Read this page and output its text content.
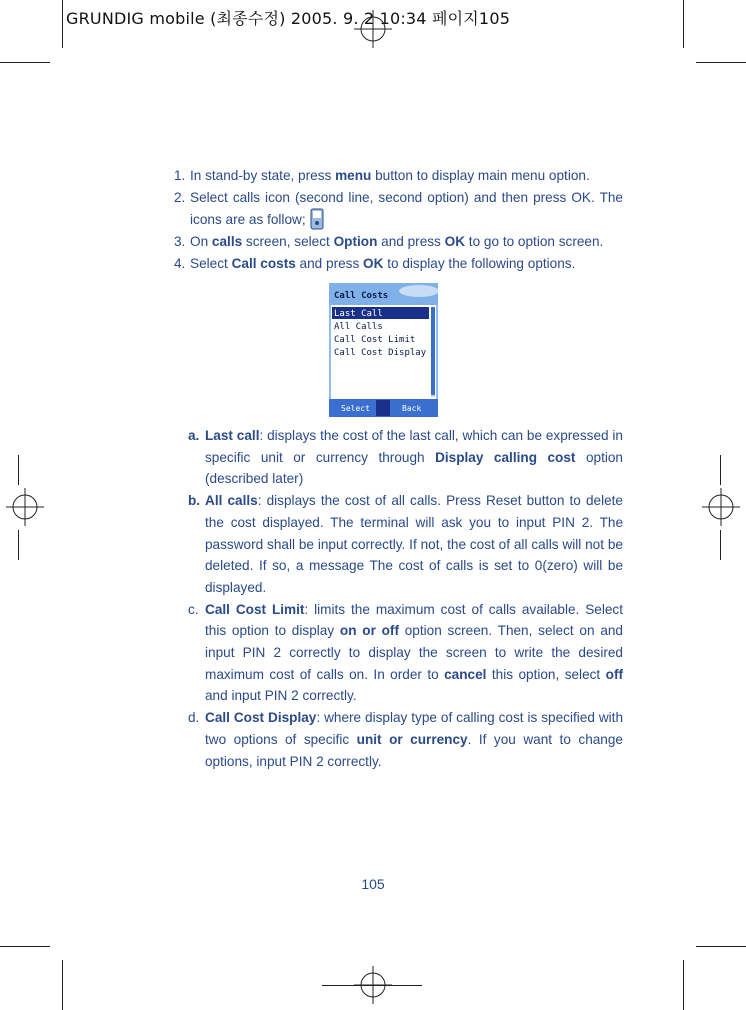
GRUNDIG mobile (최종수정) 2005. 9. 2 10:34 페이지105

1. In stand-by state, press menu button to display main menu option.

2. Select calls icon (second line, second option) and then press OK. The icons are as follow;

3. On calls screen, select Option and press OK to go to option screen.

4. Select Call costs and press OK to display the following options.

Call Costs
Last Call
All Calls
Call Cost Limit
Call Cost Display
Select	Back

a. Last call: displays the cost of the last call, which can be expressed in specific unit or currency through Display calling cost option (described later)

b. All calls: displays the cost of all calls. Press Reset button to delete the cost displayed. The terminal will ask you to input PIN 2. The password shall be input correctly. If not, the cost of all calls will not be deleted. If so, a message The cost of calls is set to 0(zero) will be displayed.

c. Call Cost Limit: limits the maximum cost of calls available. Select this option to display on or off option screen. Then, select on and input PIN 2 correctly to display the screen to write the desired maximum cost of calls on. In order to cancel this option, select off and input PIN 2 correctly.

d. Call Cost Display: where display type of calling cost is specified with two options of specific unit or currency. If you want to change options, input PIN 2 correctly.

105
